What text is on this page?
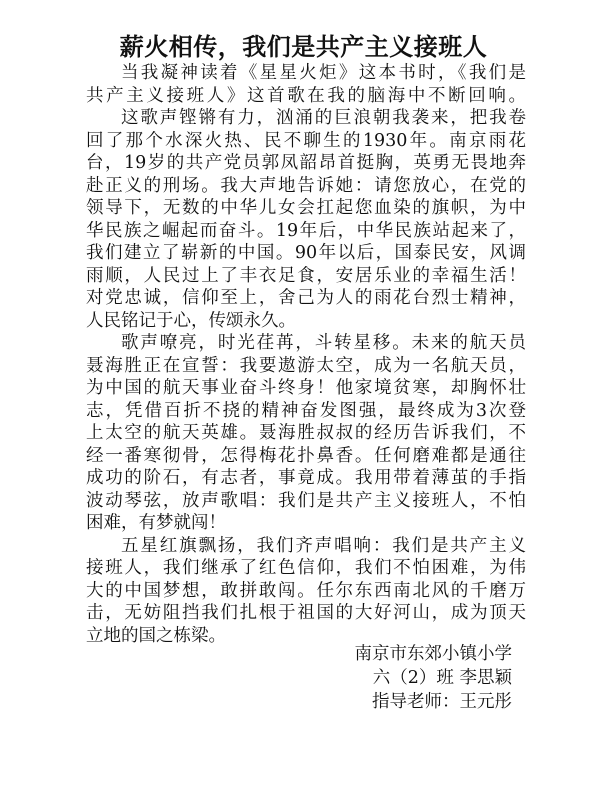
薪火相传，我们是共产主义接班人
当我凝神读着《星星火炬》这本书时，《我们是
共产主义接班人》这首歌在我的脑海中不断回响。
这歌声铿锵有力，汹涌的巨浪朝我袭来，把我卷
回了那个水深火热、民不聊生的1930年。南京雨花
台，19岁的共产党员郭凤韶昂首挺胸，英勇无畏地奔
赴正义的刑场。我大声地告诉她：请您放心，在党的
领导下，无数的中华儿女会扛起您血染的旗帜，为中
华民族之崛起而奋斗。19年后，中华民族站起来了，
我们建立了崭新的中国。90年以后，国泰民安，风调
雨顺，人民过上了丰衣足食，安居乐业的幸福生活！
对党忠诚，信仰至上，舍己为人的雨花台烈士精神，
人民铭记于心，传颂永久。
歌声嘹亮，时光荏苒，斗转星移。未来的航天员
聂海胜正在宣誓：我要遨游太空，成为一名航天员，
为中国的航天事业奋斗终身！他家境贫寒，却胸怀壮
志，凭借百折不挠的精神奋发图强，最终成为3次登
上太空的航天英雄。聂海胜叔叔的经历告诉我们，不
经一番寒彻骨，怎得梅花扑鼻香。任何磨难都是通往
成功的阶石，有志者，事竟成。我用带着薄茧的手指
波动琴弦，放声歌唱：我们是共产主义接班人，不怕
困难，有梦就闯！
五星红旗飘扬，我们齐声唱响：我们是共产主义
接班人，我们继承了红色信仰，我们不怕困难，为伟
大的中国梦想，敢拼敢闯。任尔东西南北风的千磨万
击，无妨阻挡我们扎根于祖国的大好河山，成为顶天
立地的国之栋梁。
南京市东郊小镇小学
六（2）班 李思颖
指导老师：王元彤
